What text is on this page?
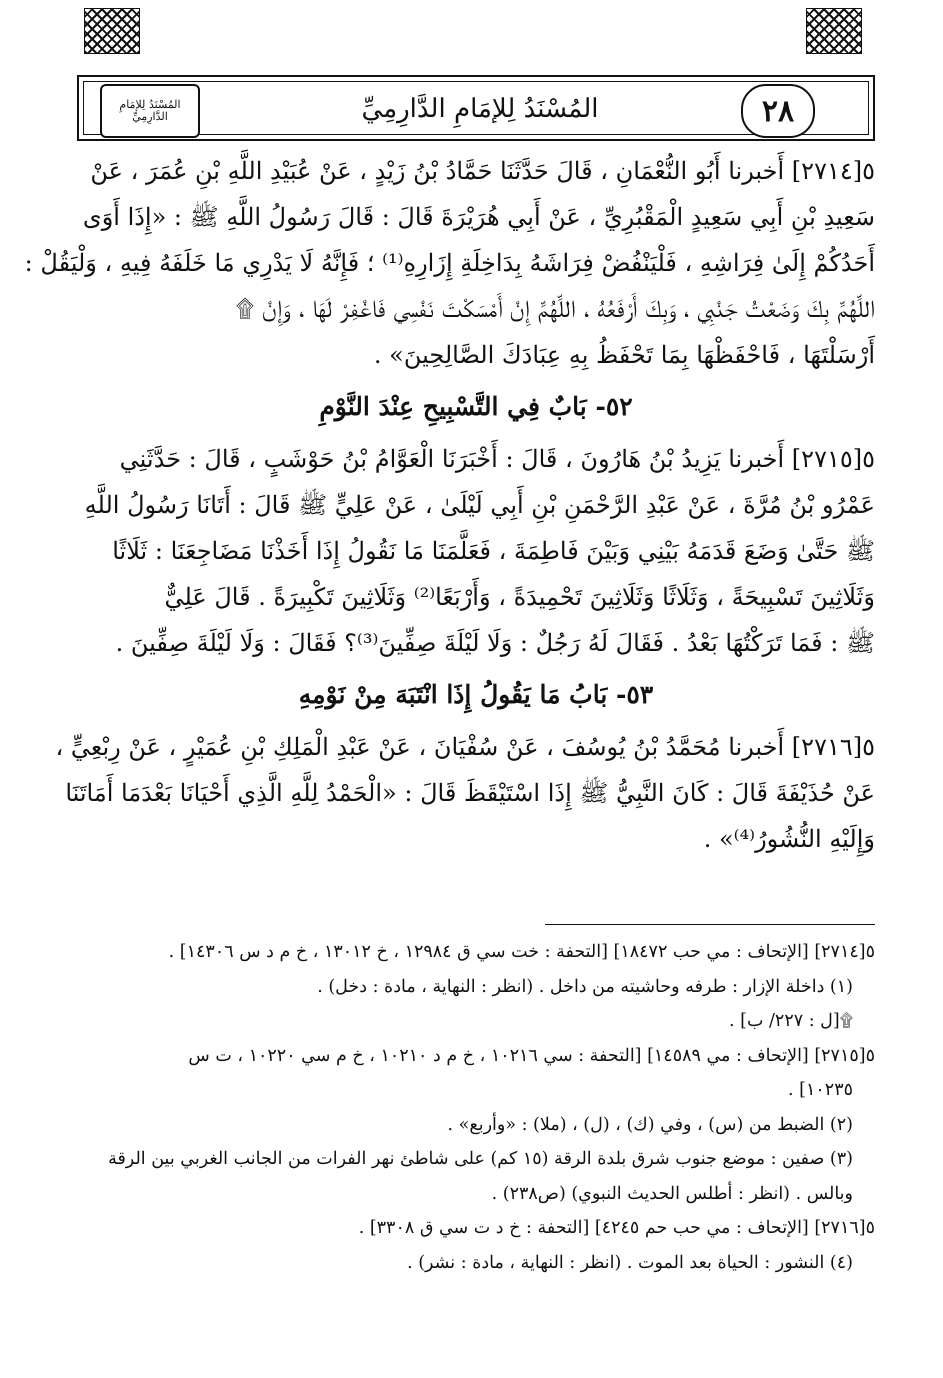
المُسْنَدُ لِلإمَامِ الدَّارِمِيِّ	المُسْنَدُ لِلإمَامِ الدَّارِمِيِّ	٢٨
٥[٢٧١٤] أَخبرنا أَبُو النُّعْمَانِ ، قَالَ حَدَّثَنَا حَمَّادُ بْنُ زَيْدٍ ، عَنْ عُبَيْدِ اللَّهِ بْنِ عُمَرَ ، عَنْ
سَعِيدِ بْنِ أَبِي سَعِيدٍ الْمَقْبُرِيِّ ، عَنْ أَبِي هُرَيْرَةَ قَالَ : قَالَ رَسُولُ اللَّهِ ﷺ : «إِذَا أَوَى
أَحَدُكُمْ إِلَىٰ فِرَاشِهِ ، فَلْيَنْفُضْ فِرَاشَهُ بِدَاخِلَةِ إِزَارِهِ⁽¹⁾ ؛ فَإِنَّهُ لَا يَدْرِي مَا خَلَفَهُ فِيهِ ، وَلْيَقُلْ :
اللَّهُمَّ بِكَ وَضَعْتُ جَنْبِي ، وَبِكَ أَرْفَعُهُ ، اللَّهُمَّ إِنْ أَمْسَكْتَ نَفْسِي فَاغْفِرْ لَهَا ، وَإِنْ ۩
أَرْسَلْتَهَا ، فَاحْفَظْهَا بِمَا تَحْفَظُ بِهِ عِبَادَكَ الصَّالِحِينَ» .
٥٢- بَابٌ فِي التَّسْبِيحِ عِنْدَ النَّوْمِ
٥[٢٧١٥] أَخبرنا يَزِيدُ بْنُ هَارُونَ ، قَالَ : أَخْبَرَنَا الْعَوَّامُ بْنُ حَوْشَبٍ ، قَالَ : حَدَّثَنِي
عَمْرُو بْنُ مُرَّةَ ، عَنْ عَبْدِ الرَّحْمَنِ بْنِ أَبِي لَيْلَىٰ ، عَنْ عَلِيٍّ ﷺ قَالَ : أَتَانَا رَسُولُ اللَّهِ
ﷺ حَتَّىٰ وَضَعَ قَدَمَهُ بَيْنِي وَبَيْنَ فَاطِمَةَ ، فَعَلَّمَنَا مَا نَقُولُ إِذَا أَخَذْنَا مَضَاجِعَنَا : ثَلَاثًا
وَثَلَاثِينَ تَسْبِيحَةً ، وَثَلَاثًا وَثَلَاثِينَ تَحْمِيدَةً ، وَأَرْبَعًا⁽²⁾ وَثَلَاثِينَ تَكْبِيرَةً . قَالَ عَلِيٌّ
ﷺ : فَمَا تَرَكْتُهَا بَعْدُ . فَقَالَ لَهُ رَجُلٌ : وَلَا لَيْلَةَ صِفِّينَ⁽³⁾؟ فَقَالَ : وَلَا لَيْلَةَ صِفِّينَ .
٥٣- بَابُ مَا يَقُولُ إِذَا انْتَبَهَ مِنْ نَوْمِهِ
٥[٢٧١٦] أَخبرنا مُحَمَّدُ بْنُ يُوسُفَ ، عَنْ سُفْيَانَ ، عَنْ عَبْدِ الْمَلِكِ بْنِ عُمَيْرٍ ، عَنْ رِبْعِيٍّ ،
عَنْ حُذَيْفَةَ قَالَ : كَانَ النَّبِيُّ ﷺ إِذَا اسْتَيْقَظَ قَالَ : «الْحَمْدُ لِلَّهِ الَّذِي أَحْيَانَا بَعْدَمَا أَمَاتَنَا
وَإِلَيْهِ النُّشُورُ⁽⁴⁾» .
٥[٢٧١٤] [الإتحاف : مي حب ١٨٤٧٢] [التحفة : خت سي ق ١٢٩٨٤ ، خ ١٣٠١٢ ، خ م د س ١٤٣٠٦] .
(١) داخلة الإزار : طرفه وحاشيته من داخل . (انظر : النهاية ، مادة : دخل) .
۩[ل : ٢٢٧/ ب] .
٥[٢٧١٥] [الإتحاف : مي ١٤٥٨٩] [التحفة : سي ١٠٢١٦ ، خ م د ١٠٢١٠ ، خ م سي ١٠٢٢٠ ، ت س
١٠٢٣٥] .
(٢) الضبط من (س) ، وفي (ك) ، (ل) ، (ملا) : «وأربع» .
(٣) صفين : موضع جنوب شرق بلدة الرقة (١٥ كم) على شاطئ نهر الفرات من الجانب الغربي بين الرقة
وبالس . (انظر : أطلس الحديث النبوي) (ص٢٣٨) .
٥[٢٧١٦] [الإتحاف : مي حب حم ٤٢٤٥] [التحفة : خ د ت سي ق ٣٣٠٨] .
(٤) النشور : الحياة بعد الموت . (انظر : النهاية ، مادة : نشر) .
